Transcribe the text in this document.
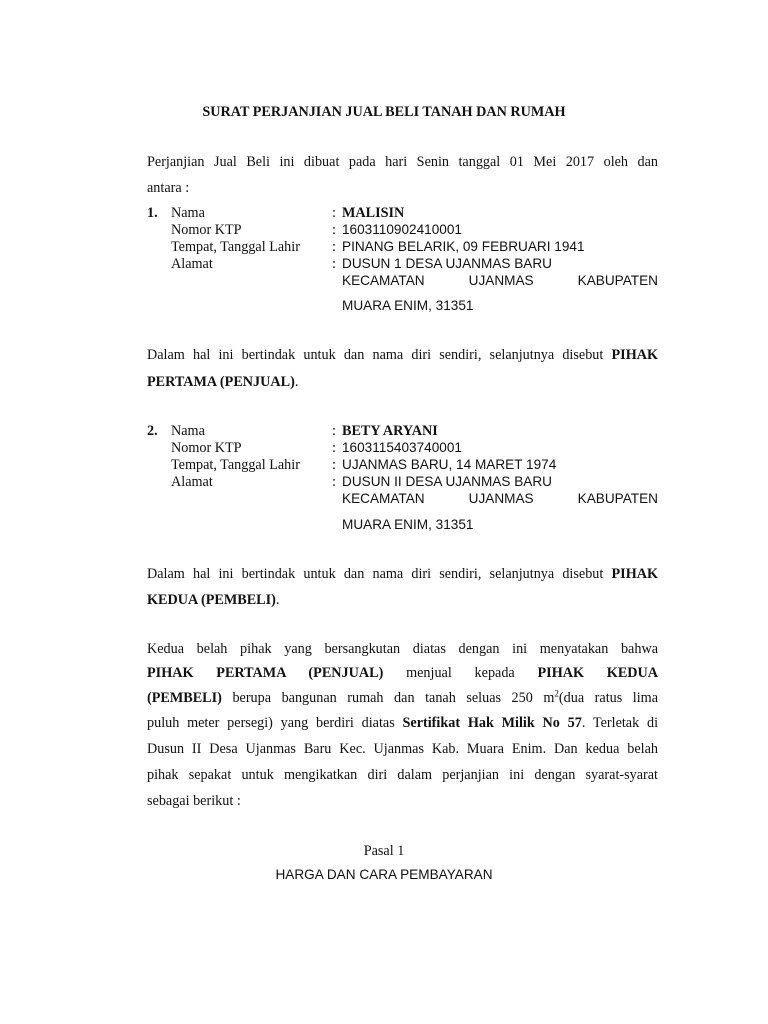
SURAT PERJANJIAN JUAL BELI TANAH DAN RUMAH
Perjanjian Jual Beli ini dibuat pada hari Senin tanggal 01 Mei 2017 oleh dan
antara :
1. Nama	: MALISIN
Nomor KTP	: 1603110902410001
Tempat, Tanggal Lahir : PINANG BELARIK, 09 FEBRUARI 1941
Alamat	: DUSUN 1 DESA UJANMAS BARU
KECAMATAN UJANMAS KABUPATEN
MUARA ENIM, 31351
Dalam hal ini bertindak untuk dan nama diri sendiri, selanjutnya disebut PIHAK
PERTAMA (PENJUAL).
2. Nama	: BETY ARYANI
Nomor KTP	: 1603115403740001
Tempat, Tanggal Lahir : UJANMAS BARU, 14 MARET 1974
Alamat	: DUSUN II DESA UJANMAS BARU
KECAMATAN UJANMAS KABUPATEN
MUARA ENIM, 31351
Dalam hal ini bertindak untuk dan nama diri sendiri, selanjutnya disebut PIHAK
KEDUA (PEMBELI).
Kedua belah pihak yang bersangkutan diatas dengan ini menyatakan bahwa
PIHAK PERTAMA (PENJUAL) menjual kepada PIHAK KEDUA
(PEMBELI) berupa bangunan rumah dan tanah seluas 250 $m^2(dua$ ratus lima
puluh meter persegi) yang berdiri diatas Sertifikat Hak Milik No 57. Terletak di
Dusun II Desa Ujanmas Baru Kec. Ujanmas Kab. Muara Enim. Dan kedua belah
pihak sepakat untuk mengikatkan diri dalam perjanjian ini dengan syarat-syarat
sebagai berikut :
Pasal 1
HARGA DAN CARA PEMBAYARAN
